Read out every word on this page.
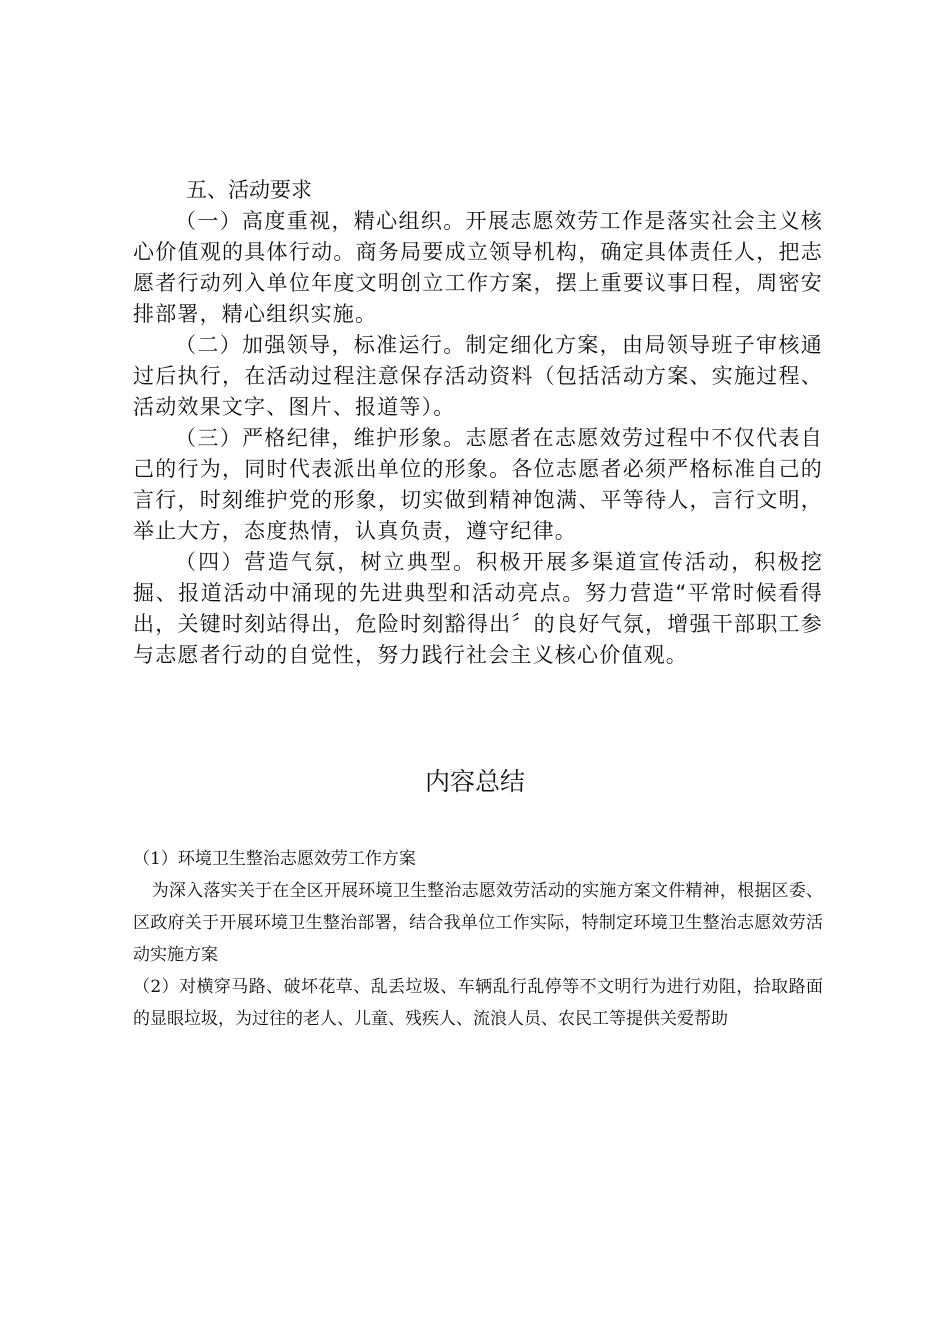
五、活动要求

（一）高度重视，精心组织。开展志愿效劳工作是落实社会主义核心价值观的具体行动。商务局要成立领导机构，确定具体责任人，把志愿者行动列入单位年度文明创立工作方案，摆上重要议事日程，周密安排部署，精心组织实施。

（二）加强领导，标准运行。制定细化方案，由局领导班子审核通过后执行，在活动过程注意保存活动资料（包括活动方案、实施过程、活动效果文字、图片、报道等）。

（三）严格纪律，维护形象。志愿者在志愿效劳过程中不仅代表自己的行为，同时代表派出单位的形象。各位志愿者必须严格标准自己的言行，时刻维护党的形象，切实做到精神饱满、平等待人，言行文明，举止大方，态度热情，认真负责，遵守纪律。

（四）营造气氛，树立典型。积极开展多渠道宣传活动，积极挖掘、报道活动中涌现的先进典型和活动亮点。努力营造“平常时候看得出，关键时刻站得出，危险时刻豁得出〞的良好气氛，增强干部职工参与志愿者行动的自觉性，努力践行社会主义核心价值观。

内容总结

（1）环境卫生整治志愿效劳工作方案

为深入落实关于在全区开展环境卫生整治志愿效劳活动的实施方案文件精神，根据区委、区政府关于开展环境卫生整治部署，结合我单位工作实际，特制定环境卫生整治志愿效劳活动实施方案

（2）对横穿马路、破坏花草、乱丢垃圾、车辆乱行乱停等不文明行为进行劝阻，拾取路面的显眼垃圾，为过往的老人、儿童、残疾人、流浪人员、农民工等提供关爱帮助
